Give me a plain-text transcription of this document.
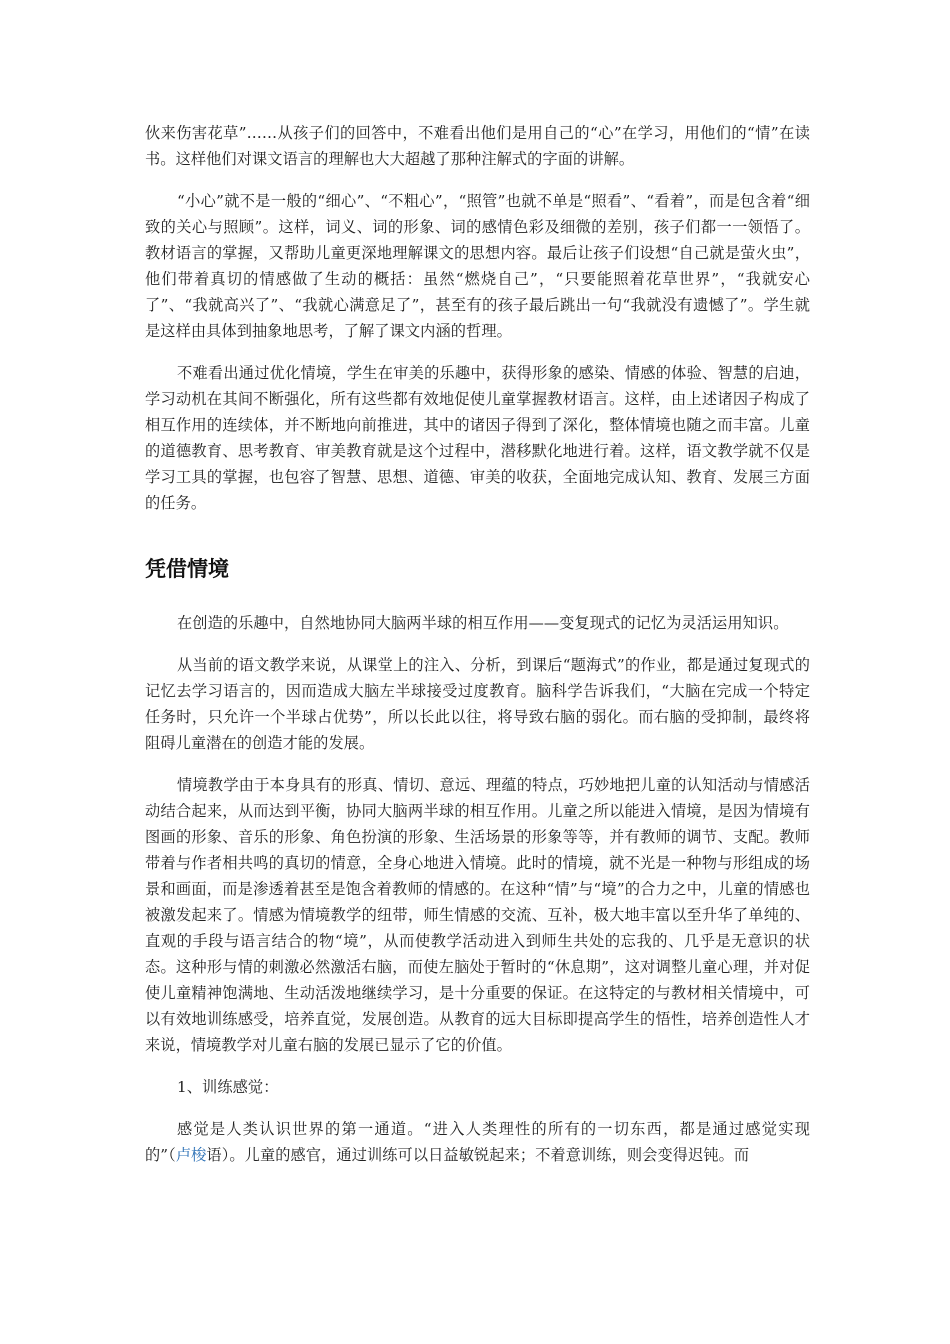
伙来伤害花草”……从孩子们的回答中，不难看出他们是用自己的“心”在学习，用他们的“情”在读书。这样他们对课文语言的理解也大大超越了那种注解式的字面的讲解。

“小心”就不是一般的“细心”、“不粗心”，“照管”也就不单是“照看”、“看着”，而是包含着“细致的关心与照顾”。这样，词义、词的形象、词的感情色彩及细微的差别，孩子们都一一领悟了。教材语言的掌握，又帮助儿童更深地理解课文的思想内容。最后让孩子们设想“自己就是萤火虫”，他们带着真切的情感做了生动的概括：虽然“燃烧自己”，“只要能照着花草世界”，“我就安心了”、“我就高兴了”、“我就心满意足了”，甚至有的孩子最后跳出一句“我就没有遗憾了”。学生就是这样由具体到抽象地思考，了解了课文内涵的哲理。

不难看出通过优化情境，学生在审美的乐趣中，获得形象的感染、情感的体验、智慧的启迪，学习动机在其间不断强化，所有这些都有效地促使儿童掌握教材语言。这样，由上述诸因子构成了相互作用的连续体，并不断地向前推进，其中的诸因子得到了深化，整体情境也随之而丰富。儿童的道德教育、思考教育、审美教育就是这个过程中，潜移默化地进行着。这样，语文教学就不仅是学习工具的掌握，也包容了智慧、思想、道德、审美的收获，全面地完成认知、教育、发展三方面的任务。

凭借情境

在创造的乐趣中，自然地协同大脑两半球的相互作用——变复现式的记忆为灵活运用知识。

从当前的语文教学来说，从课堂上的注入、分析，到课后“题海式”的作业，都是通过复现式的记忆去学习语言的，因而造成大脑左半球接受过度教育。脑科学告诉我们，“大脑在完成一个特定任务时，只允许一个半球占优势”，所以长此以往，将导致右脑的弱化。而右脑的受抑制，最终将阻碍儿童潜在的创造才能的发展。

情境教学由于本身具有的形真、情切、意远、理蕴的特点，巧妙地把儿童的认知活动与情感活动结合起来，从而达到平衡，协同大脑两半球的相互作用。儿童之所以能进入情境，是因为情境有图画的形象、音乐的形象、角色扮演的形象、生活场景的形象等等，并有教师的调节、支配。教师带着与作者相共鸣的真切的情意，全身心地进入情境。此时的情境，就不光是一种物与形组成的场景和画面，而是渗透着甚至是饱含着教师的情感的。在这种“情”与“境”的合力之中，儿童的情感也被激发起来了。情感为情境教学的纽带，师生情感的交流、互补，极大地丰富以至升华了单纯的、直观的手段与语言结合的物“境”，从而使教学活动进入到师生共处的忘我的、几乎是无意识的状态。这种形与情的刺激必然激活右脑，而使左脑处于暂时的“休息期”，这对调整儿童心理，并对促使儿童精神饱满地、生动活泼地继续学习，是十分重要的保证。在这特定的与教材相关情境中，可以有效地训练感受，培养直觉，发展创造。从教育的远大目标即提高学生的悟性，培养创造性人才来说，情境教学对儿童右脑的发展已显示了它的价值。

1、训练感觉：

感觉是人类认识世界的第一通道。“进入人类理性的所有的一切东西，都是通过感觉实现的”（卢梭语）。儿童的感官，通过训练可以日益敏锐起来；不着意训练，则会变得迟钝。而
